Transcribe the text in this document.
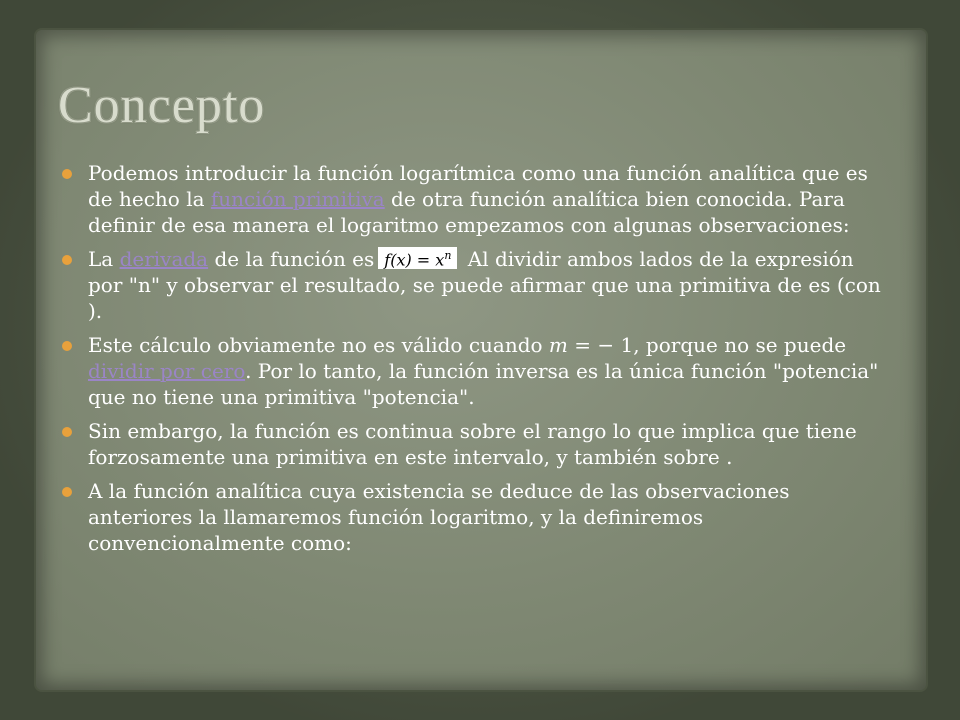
Concepto
Podemos introducir la función logarítmica como una función analítica que es de hecho la función primitiva de otra función analítica bien conocida. Para definir de esa manera el logaritmo empezamos con algunas observaciones:
La derivada de la función es $f(x) = x^n$ Al dividir ambos lados de la expresión por "n" y observar el resultado, se puede afirmar que una primitiva de es (con ).
Este cálculo obviamente no es válido cuando m = − 1, porque no se puede dividir por cero. Por lo tanto, la función inversa es la única función "potencia" que no tiene una primitiva "potencia".
Sin embargo, la función es continua sobre el rango lo que implica que tiene forzosamente una primitiva en este intervalo, y también sobre .
A la función analítica cuya existencia se deduce de las observaciones anteriores la llamaremos función logaritmo, y la definiremos convencionalmente como:
